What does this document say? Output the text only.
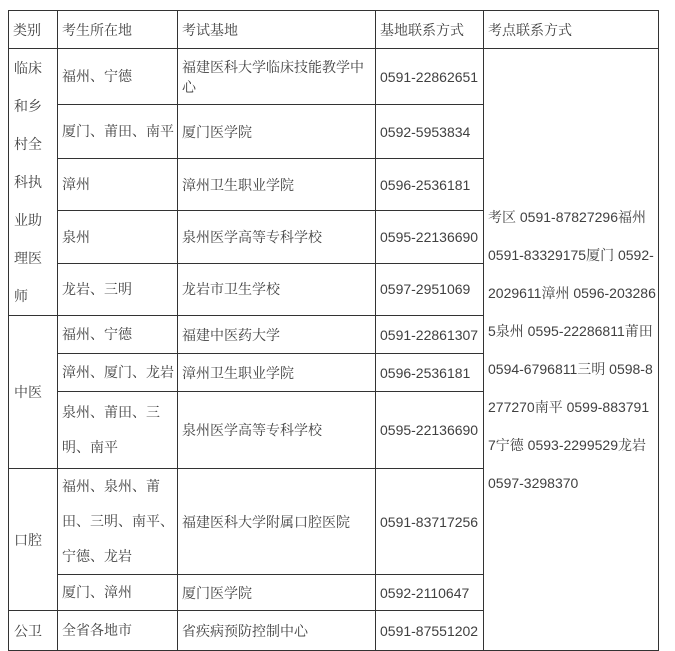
类别	考生所在地	考试基地	基地联系方式	考点联系方式
临床和乡村全科执业助理医师	福州、宁德	福建医科大学临床技能教学中心	0591-22862651	考区 0591-87827296福州 0591-83329175厦门 0592-2029611漳州 0596-2032865泉州 0595-22286811莆田 0594-6796811三明 0598-8277270南平 0599-8837917宁德 0593-2299529龙岩 0597-3298370
	厦门、莆田、南平	厦门医学院	0592-5953834	
	漳州	漳州卫生职业学院	0596-2536181	
	泉州	泉州医学高等专科学校	0595-22136690	
	龙岩、三明	龙岩市卫生学校	0597-2951069	
中医	福州、宁德	福建中医药大学	0591-22861307	
	漳州、厦门、龙岩	漳州卫生职业学院	0596-2536181	
	泉州、莆田、三明、南平	泉州医学高等专科学校	0595-22136690	
口腔	福州、泉州、莆田、三明、南平、宁德、龙岩	福建医科大学附属口腔医院	0591-83717256	
	厦门、漳州	厦门医学院	0592-2110647	
公卫	全省各地市	省疾病预防控制中心	0591-87551202	
